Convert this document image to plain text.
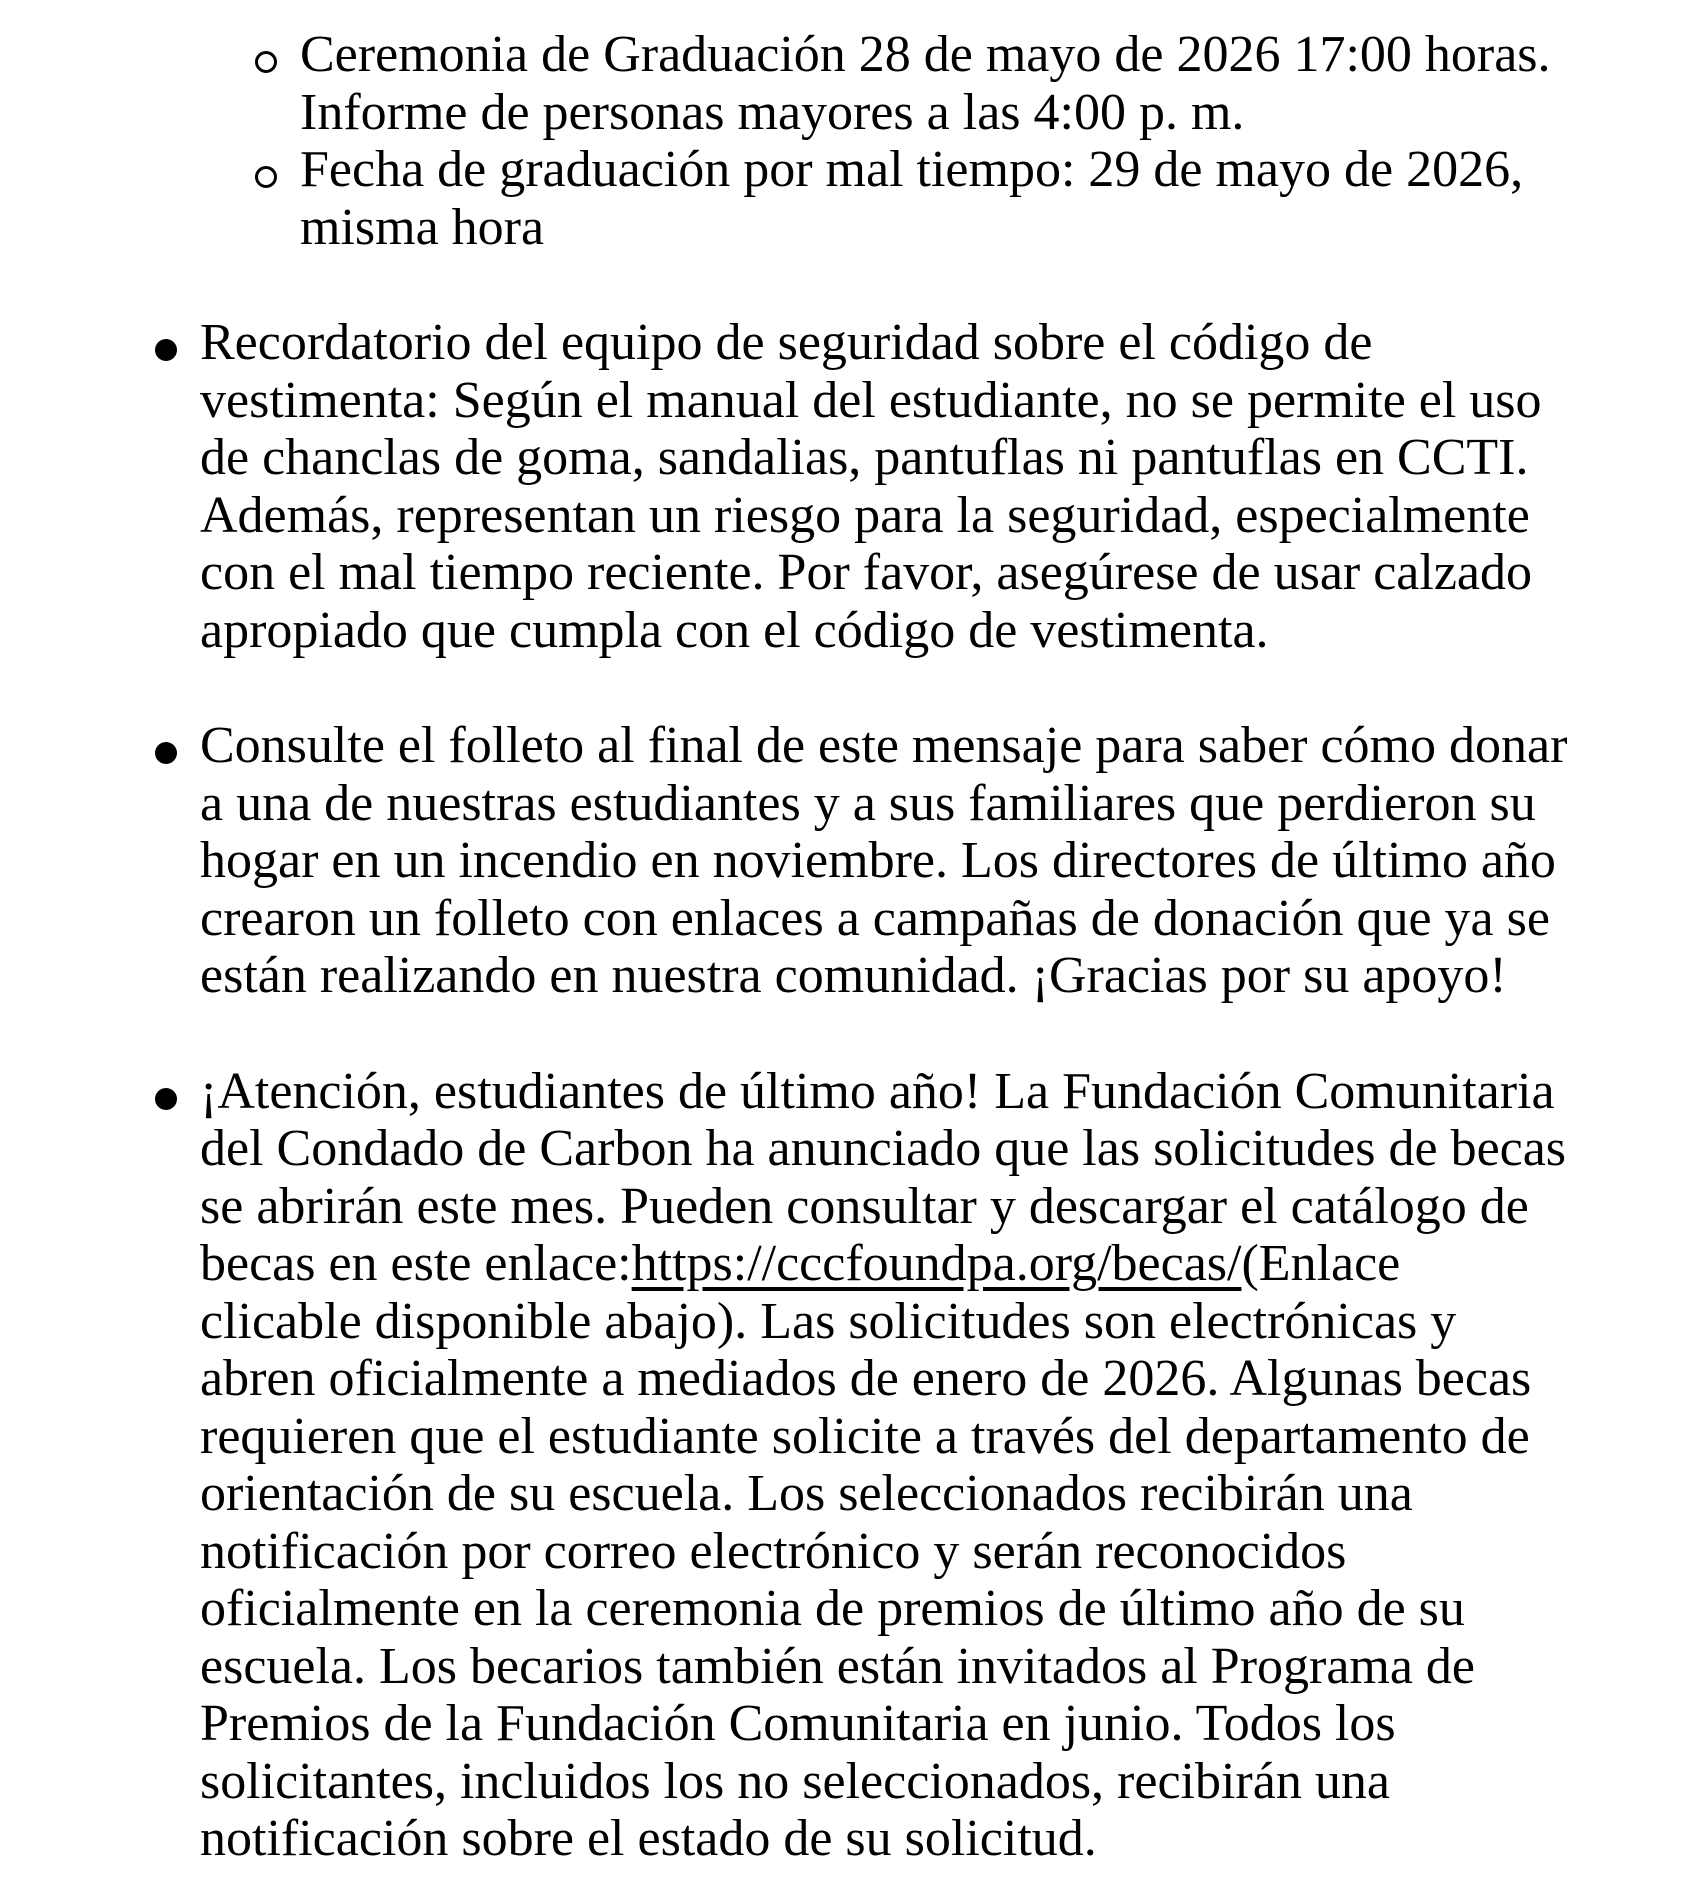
Ceremonia de Graduación 28 de mayo de 2026 17:00 horas.
Informe de personas mayores a las 4:00 p. m.
Fecha de graduación por mal tiempo: 29 de mayo de 2026,
misma hora
Recordatorio del equipo de seguridad sobre el código de
vestimenta: Según el manual del estudiante, no se permite el uso
de chanclas de goma, sandalias, pantuflas ni pantuflas en CCTI.
Además, representan un riesgo para la seguridad, especialmente
con el mal tiempo reciente. Por favor, asegúrese de usar calzado
apropiado que cumpla con el código de vestimenta.
Consulte el folleto al final de este mensaje para saber cómo donar
a una de nuestras estudiantes y a sus familiares que perdieron su
hogar en un incendio en noviembre. Los directores de último año
crearon un folleto con enlaces a campañas de donación que ya se
están realizando en nuestra comunidad. ¡Gracias por su apoyo!
¡Atención, estudiantes de último año! La Fundación Comunitaria
del Condado de Carbon ha anunciado que las solicitudes de becas
se abrirán este mes. Pueden consultar y descargar el catálogo de
becas en este enlace:https://cccfoundpa.org/becas/(Enlace
clicable disponible abajo). Las solicitudes son electrónicas y
abren oficialmente a mediados de enero de 2026. Algunas becas
requieren que el estudiante solicite a través del departamento de
orientación de su escuela. Los seleccionados recibirán una
notificación por correo electrónico y serán reconocidos
oficialmente en la ceremonia de premios de último año de su
escuela. Los becarios también están invitados al Programa de
Premios de la Fundación Comunitaria en junio. Todos los
solicitantes, incluidos los no seleccionados, recibirán una
notificación sobre el estado de su solicitud.
